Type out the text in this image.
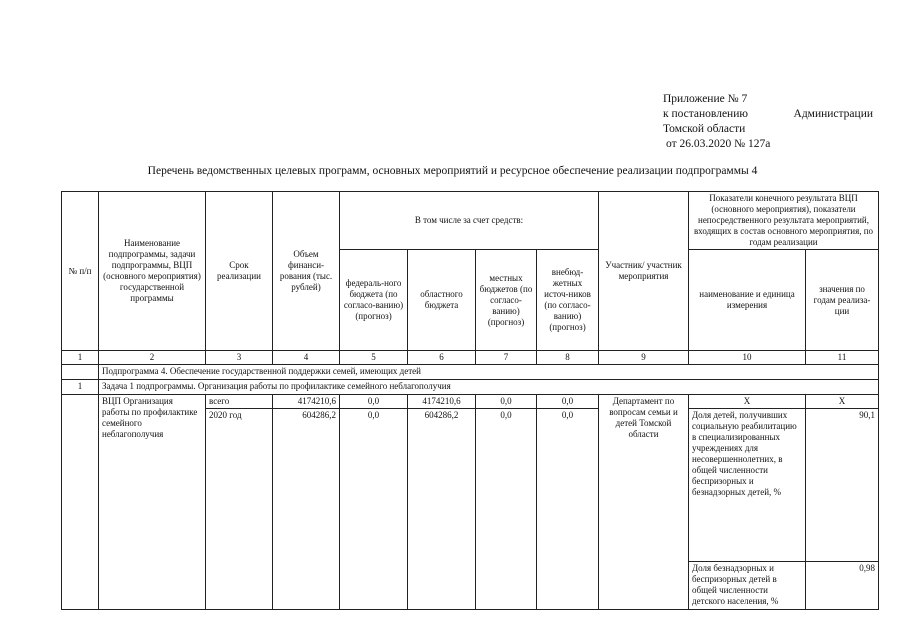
Приложение № 7
к постановлению	Администрации
Томской области
от 26.03.2020 № 127а
Перечень ведомственных целевых программ, основных мероприятий и ресурсное обеспечение реализации подпрограммы 4
№ п/п	Наименование подпрограммы, задачи подпрограммы, ВЦП (основного мероприятия) государственной программы	Срок реализации	Объем финанси-рования (тыс. рублей)	В том числе за счет средств:				Участник/ участник мероприятия	Показатели конечного результата ВЦП (основного мероприятия), показатели непосредственного результата мероприятий, входящих в состав основного мероприятия, по годам реализации	
				федераль-ного бюджета (по согласо-ванию) (прогноз)	областного бюджета	местных бюджетов (по согласо-ванию) (прогноз)	внебюд-жетных источ-ников (по согласо-ванию) (прогноз)		наименование и единица измерения	значения по годам реализа-ции
1	2	3	4	5	6	7	8	9	10	11
	Подпрограмма 4. Обеспечение государственной поддержки семей, имеющих детей									
1	Задача 1 подпрограммы. Организация работы по профилактике семейного неблагополучия									
	ВЦП Организация работы по профилактике семейного неблагополучия	всего	4174210,6	0,0	4174210,6	0,0	0,0	Департамент по вопросам семьи и детей Томской области	Х	Х
		2020 год	604286,2	0,0	604286,2	0,0	0,0		Доля детей, получивших социальную реабилитацию в специализированных учреждениях для несовершеннолетних, в общей численности беспризорных и безнадзорных детей, %	90,1
									Доля безнадзорных и беспризорных детей в общей численности детского населения, %	0,98
